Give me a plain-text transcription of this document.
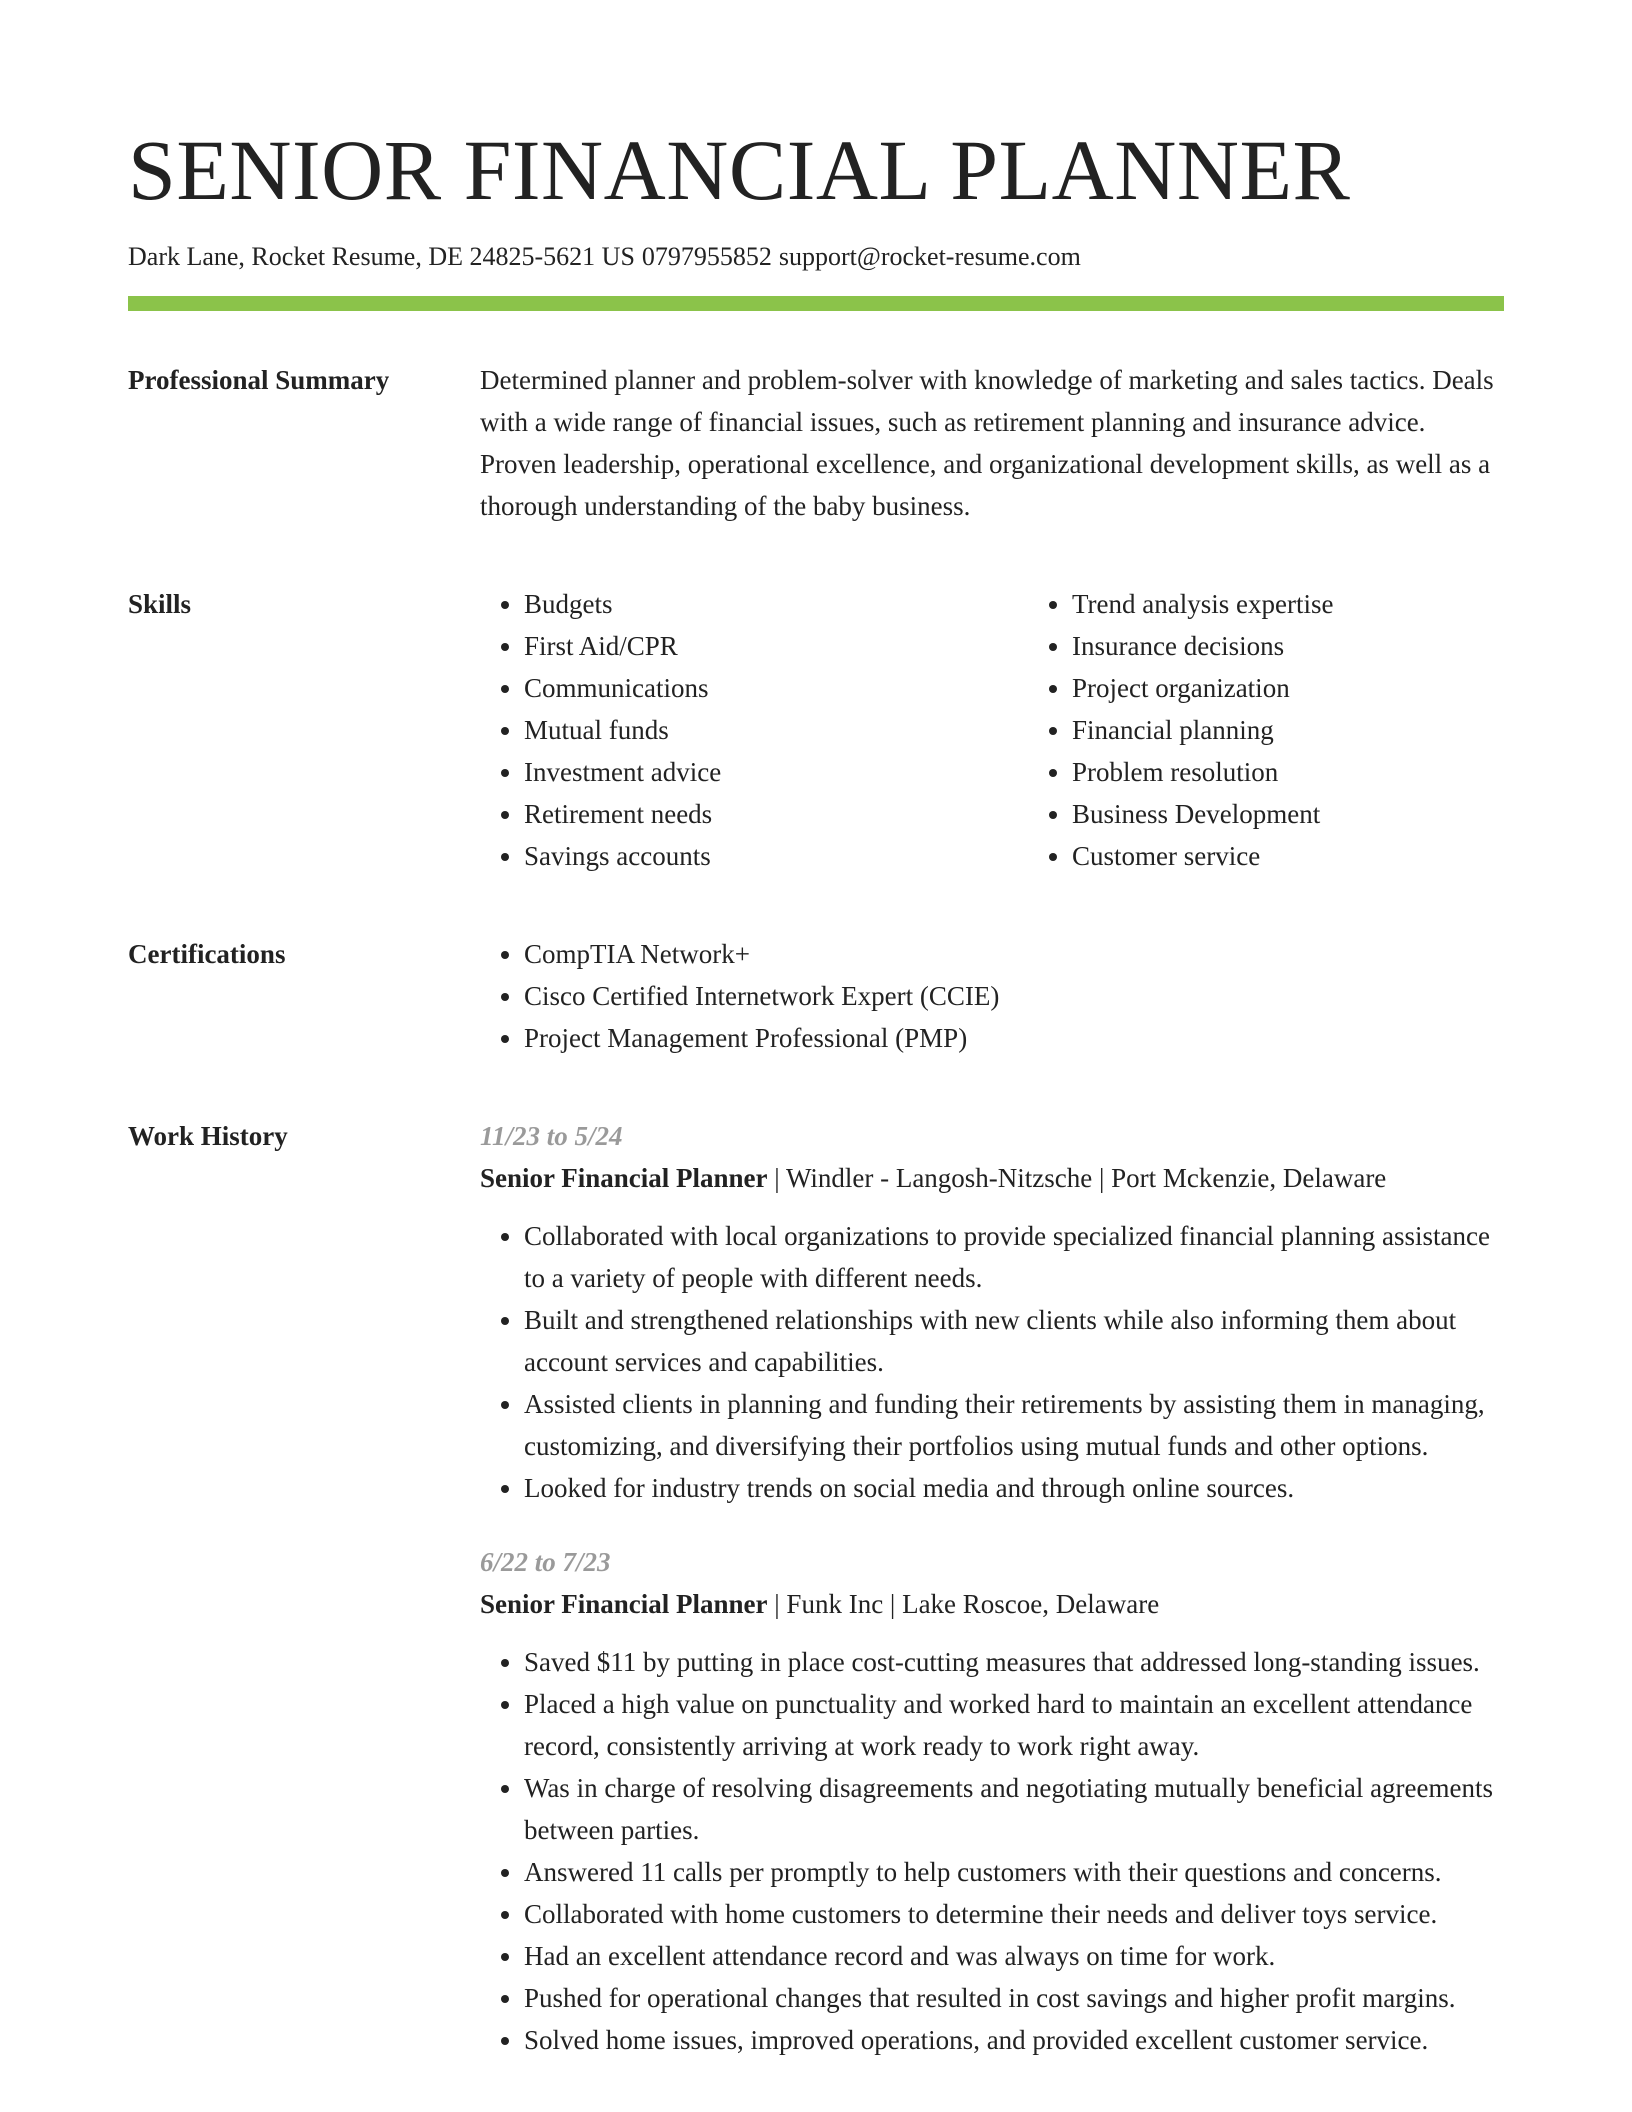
SENIOR FINANCIAL PLANNER
Dark Lane, Rocket Resume, DE 24825-5621 US 0797955852 support@rocket-resume.com
Professional Summary	Determined planner and problem-solver with knowledge of marketing and sales tactics. Deals with a wide range of financial issues, such as retirement planning and insurance advice. Proven leadership, operational excellence, and organizational development skills, as well as a thorough understanding of the baby business.
Skills	• Budgets
• First Aid/CPR
• Communications
• Mutual funds
• Investment advice
• Retirement needs
• Savings accounts
• Trend analysis expertise
• Insurance decisions
• Project organization
• Financial planning
• Problem resolution
• Business Development
• Customer service
Certifications	• CompTIA Network+
• Cisco Certified Internetwork Expert (CCIE)
• Project Management Professional (PMP)
Work History	11/23 to 5/24
Senior Financial Planner | Windler - Langosh-Nitzsche | Port Mckenzie, Delaware
• Collaborated with local organizations to provide specialized financial planning assistance to a variety of people with different needs.
• Built and strengthened relationships with new clients while also informing them about account services and capabilities.
• Assisted clients in planning and funding their retirements by assisting them in managing, customizing, and diversifying their portfolios using mutual funds and other options.
• Looked for industry trends on social media and through online sources.
6/22 to 7/23
Senior Financial Planner | Funk Inc | Lake Roscoe, Delaware
• Saved $11 by putting in place cost-cutting measures that addressed long-standing issues.
• Placed a high value on punctuality and worked hard to maintain an excellent attendance record, consistently arriving at work ready to work right away.
• Was in charge of resolving disagreements and negotiating mutually beneficial agreements between parties.
• Answered 11 calls per promptly to help customers with their questions and concerns.
• Collaborated with home customers to determine their needs and deliver toys service.
• Had an excellent attendance record and was always on time for work.
• Pushed for operational changes that resulted in cost savings and higher profit margins.
• Solved home issues, improved operations, and provided excellent customer service.
